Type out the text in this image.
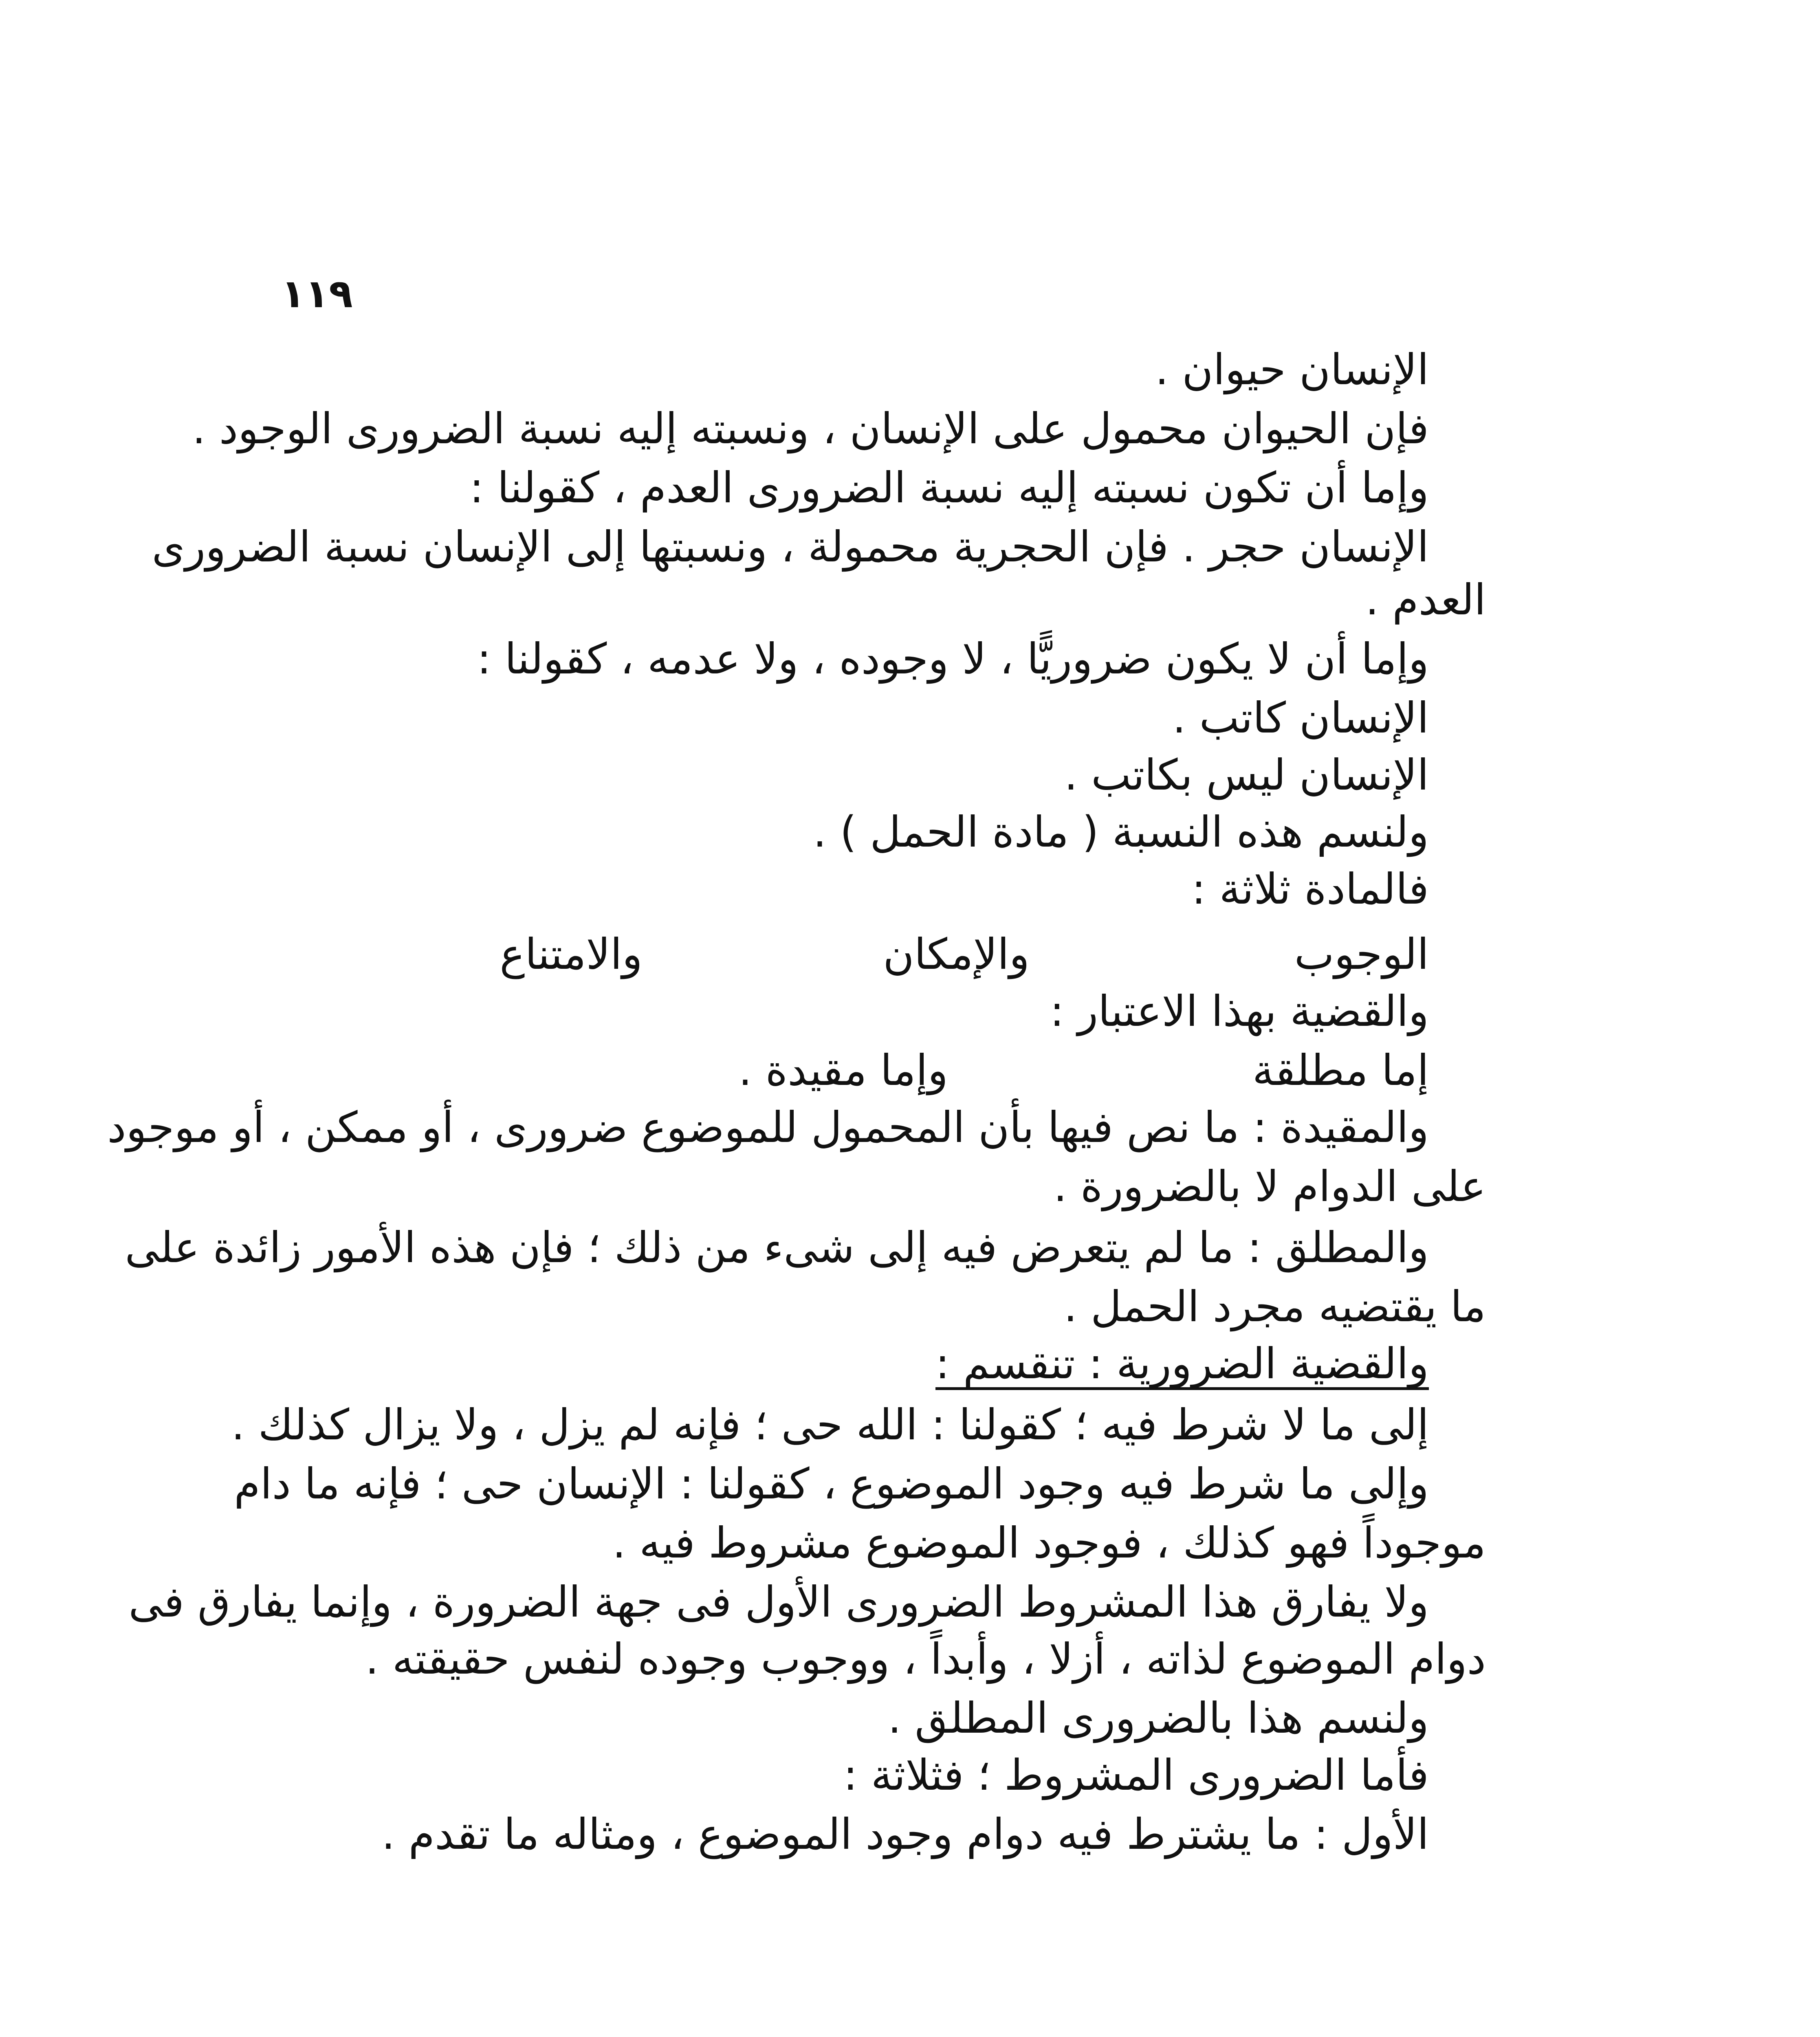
١١٩
الإنسان حيوان .
فإن الحيوان محمول على الإنسان ، ونسبته إليه نسبة الضرورى الوجود .
وإما أن تكون نسبته إليه نسبة الضرورى العدم ، كقولنا :
الإنسان حجر . فإن الحجرية محمولة ، ونسبتها إلى الإنسان نسبة الضرورى
العدم .
وإما أن لا يكون ضروريًّا ، لا وجوده ، ولا عدمه ، كقولنا :
الإنسان كاتب .
الإنسان ليس بكاتب .
ولنسم هذه النسبة ( مادة الحمل ) .
فالمادة ثلاثة :
الوجوب
والإمكان
والامتناع
والقضية بهذا الاعتبار :
إما مطلقة
وإما مقيدة .
والمقيدة : ما نص فيها بأن المحمول للموضوع ضرورى ، أو ممكن ، أو موجود
على الدوام لا بالضرورة .
والمطلق : ما لم يتعرض فيه إلى شىء من ذلك ؛ فإن هذه الأمور زائدة على
ما يقتضيه مجرد الحمل .
والقضية الضرورية : تنقسم :
إلى ما لا شرط فيه ؛ كقولنا : الله حى ؛ فإنه لم يزل ، ولا يزال كذلك .
وإلى ما شرط فيه وجود الموضوع ، كقولنا : الإنسان حى ؛ فإنه ما دام
موجوداً فهو كذلك ، فوجود الموضوع مشروط فيه .
ولا يفارق هذا المشروط الضرورى الأول فى جهة الضرورة ، وإنما يفارق فى
دوام الموضوع لذاته ، أزلا ، وأبداً ، ووجوب وجوده لنفس حقيقته .
ولنسم هذا بالضرورى المطلق .
فأما الضرورى المشروط ؛ فثلاثة :
الأول : ما يشترط فيه دوام وجود الموضوع ، ومثاله ما تقدم .
